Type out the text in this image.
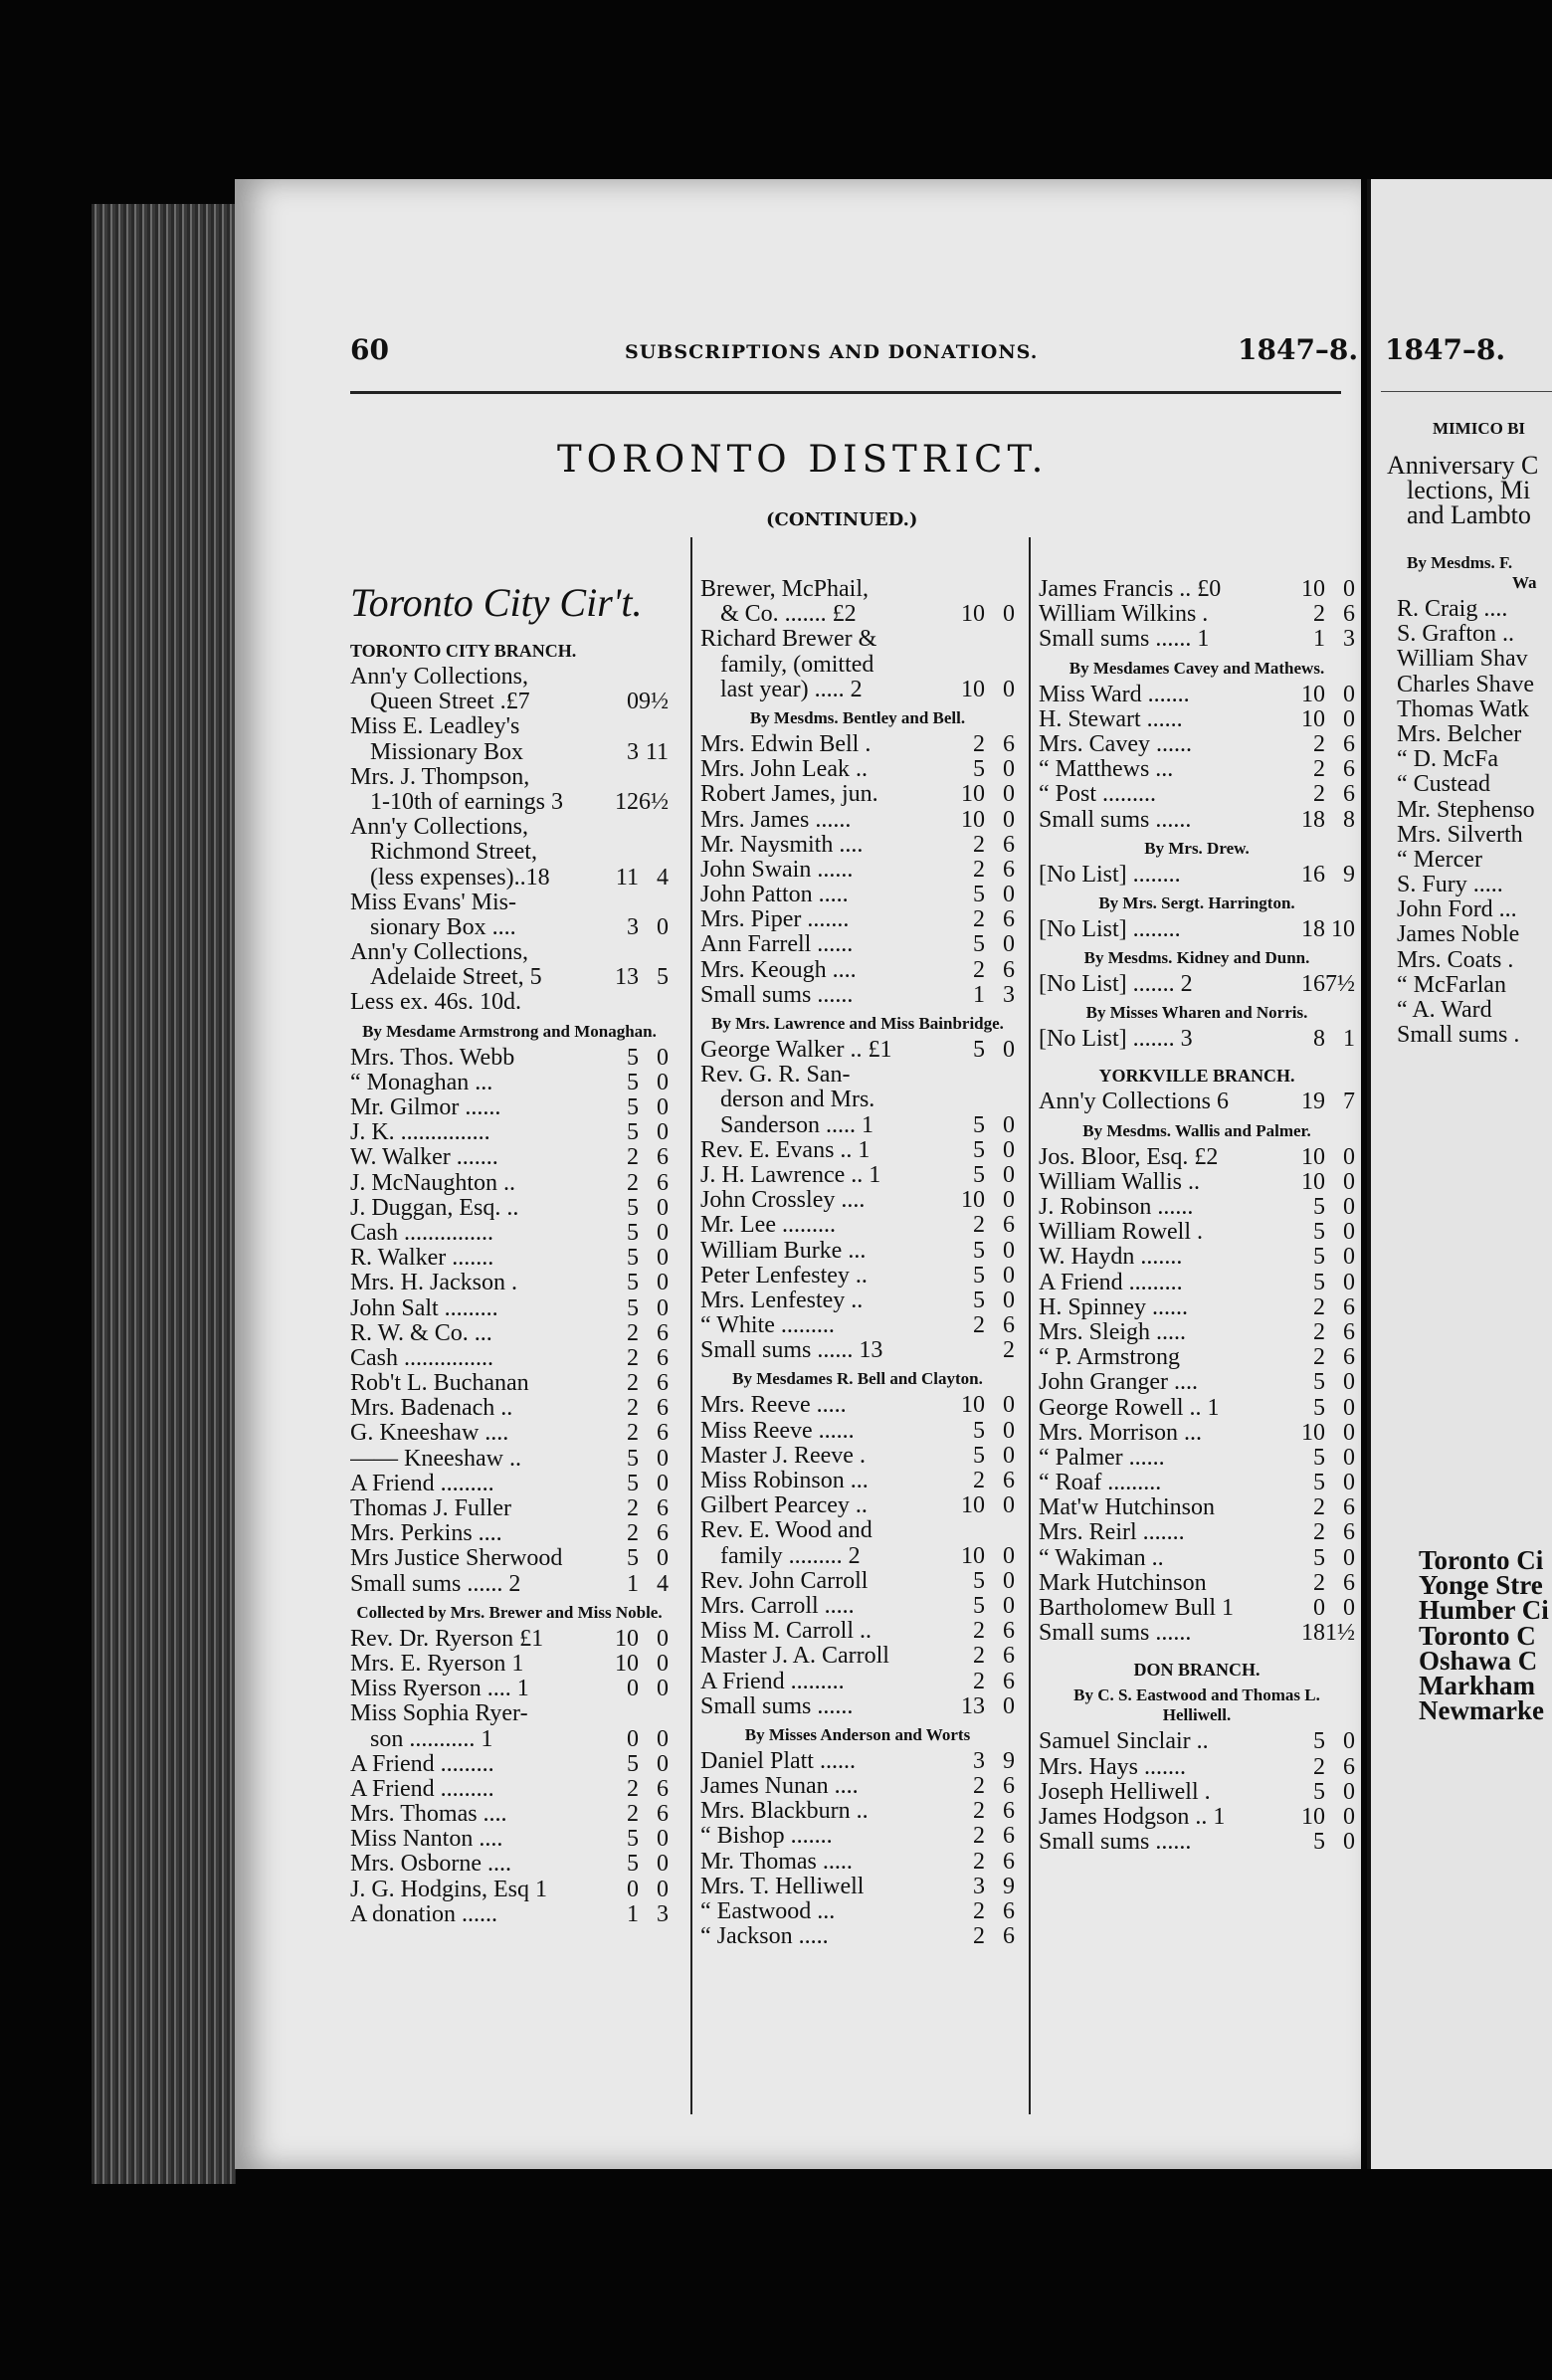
60	SUBSCRIPTIONS AND DONATIONS.	1847–8. 1847–8.
TORONTO DISTRICT.
(CONTINUED.)
Toronto City Cir't.
TORONTO CITY BRANCH.
Ann'y Collections,
Queen Street .£7	0 9½
Miss E. Leadley's
Missionary Box	3 11
Mrs. J. Thompson,
1-10th of earnings 3	12 6½
Ann'y Collections,
Richmond Street,
(less expenses)..18	11 4
Miss Evans' Mis-
sionary Box ....	3 0
Ann'y Collections,
Adelaide Street, 5	13 5
Less ex. 46s. 10d.
By Mesdame Armstrong and Monaghan.
Mrs. Thos. Webb	5 0
“ Monaghan ...	5 0
Mr. Gilmor ......	5 0
J. K. ...............	5 0
W. Walker .......	2 6
J. McNaughton ..	2 6
J. Duggan, Esq. ..	5 0
Cash ...............	5 0
R. Walker .......	5 0
Mrs. H. Jackson .	5 0
John Salt .........	5 0
R. W. & Co. ...	2 6
Cash ...............	2 6
Rob't L. Buchanan	2 6
Mrs. Badenach ..	2 6
G. Kneeshaw ....	2 6
—— Kneeshaw ..	5 0
A Friend .........	5 0
Thomas J. Fuller	2 6
Mrs. Perkins ....	2 6
Mrs Justice Sherwood	5 0
Small sums ...... 2	1 4
Collected by Mrs. Brewer and Miss Noble.
Rev. Dr. Ryerson £1	10 0
Mrs. E. Ryerson 1	10 0
Miss Ryerson .... 1	0 0
Miss Sophia Ryer-
son ........... 1	0 0
A Friend .........	5 0
A Friend .........	2 6
Mrs. Thomas ....	2 6
Miss Nanton ....	5 0
Mrs. Osborne ....	5 0
J. G. Hodgins, Esq 1	0 0
A donation ......	1 3
Brewer, McPhail,
& Co. ....... £2	10 0
Richard Brewer &
family, (omitted
last year) ..... 2	10 0
By Mesdms. Bentley and Bell.
Mrs. Edwin Bell .	2 6
Mrs. John Leak ..	5 0
Robert James, jun.	10 0
Mrs. James ......	10 0
Mr. Naysmith ....	2 6
John Swain ......	2 6
John Patton .....	5 0
Mrs. Piper .......	2 6
Ann Farrell ......	5 0
Mrs. Keough ....	2 6
Small sums ......	1 3
By Mrs. Lawrence and Miss Bainbridge.
George Walker .. £1	5 0
Rev. G. R. San-
derson and Mrs.
Sanderson ..... 1	5 0
Rev. E. Evans .. 1	5 0
J. H. Lawrence .. 1	5 0
John Crossley ....	10 0
Mr. Lee .........	2 6
William Burke ...	5 0
Peter Lenfestey ..	5 0
Mrs. Lenfestey ..	5 0
“ White .........	2 6
Small sums ...... 13	2
By Mesdames R. Bell and Clayton.
Mrs. Reeve .....	10 0
Miss Reeve ......	5 0
Master J. Reeve .	5 0
Miss Robinson ...	2 6
Gilbert Pearcey ..	10 0
Rev. E. Wood and
family ......... 2	10 0
Rev. John Carroll	5 0
Mrs. Carroll .....	5 0
Miss M. Carroll ..	2 6
Master J. A. Carroll	2 6
A Friend .........	2 6
Small sums ......	13 0
By Misses Anderson and Worts
Daniel Platt ......	3 9
James Nunan ....	2 6
Mrs. Blackburn ..	2 6
“ Bishop .......	2 6
Mr. Thomas .....	2 6
Mrs. T. Helliwell	3 9
“ Eastwood ...	2 6
“ Jackson .....	2 6
James Francis .. £0	10 0
William Wilkins .	2 6
Small sums ...... 1	1 3
By Mesdames Cavey and Mathews.
Miss Ward .......	10 0
H. Stewart ......	10 0
Mrs. Cavey ......	2 6
“ Matthews ...	2 6
“ Post .........	2 6
Small sums ......	18 8
By Mrs. Drew.
[No List] ........	16 9
By Mrs. Sergt. Harrington.
[No List] ........	18 10
By Mesdms. Kidney and Dunn.
[No List] ....... 2	16 7½
By Misses Wharen and Norris.
[No List] ....... 3	8 1
YORKVILLE BRANCH.
Ann'y Collections 6	19 7
By Mesdms. Wallis and Palmer.
Jos. Bloor, Esq. £2	10 0
William Wallis ..	10 0
J. Robinson ......	5 0
William Rowell .	5 0
W. Haydn .......	5 0
A Friend .........	5 0
H. Spinney ......	2 6
Mrs. Sleigh .....	2 6
“ P. Armstrong	2 6
John Granger ....	5 0
George Rowell .. 1	5 0
Mrs. Morrison ...	10 0
“ Palmer ......	5 0
“ Roaf .........	5 0
Mat'w Hutchinson	2 6
Mrs. Reirl .......	2 6
“ Wakiman ..	5 0
Mark Hutchinson	2 6
Bartholomew Bull 1	0 0
Small sums ......	18 1½
DON BRANCH.
By C. S. Eastwood and Thomas L. Helliwell.
Samuel Sinclair ..	5 0
Mrs. Hays .......	2 6
Joseph Helliwell .	5 0
James Hodgson .. 1	10 0
Small sums ......	5 0
MIMICO BI
Anniversary C
lections, Mi
and Lambto
By Mesdms. F.
Wa
R. Craig ....
S. Grafton ..
William Shav
Charles Shave
Thomas Watk
Mrs. Belcher
“ D. McFa
“ Custead
Mr. Stephenso
Mrs. Silverth
“ Mercer
S. Fury .....
John Ford ...
James Noble
Mrs. Coats .
“ McFarlan
“ A. Ward
Small sums .
Toronto Ci
Yonge Stre
Humber Ci
Toronto C
Oshawa C
Markham
Newmarke
